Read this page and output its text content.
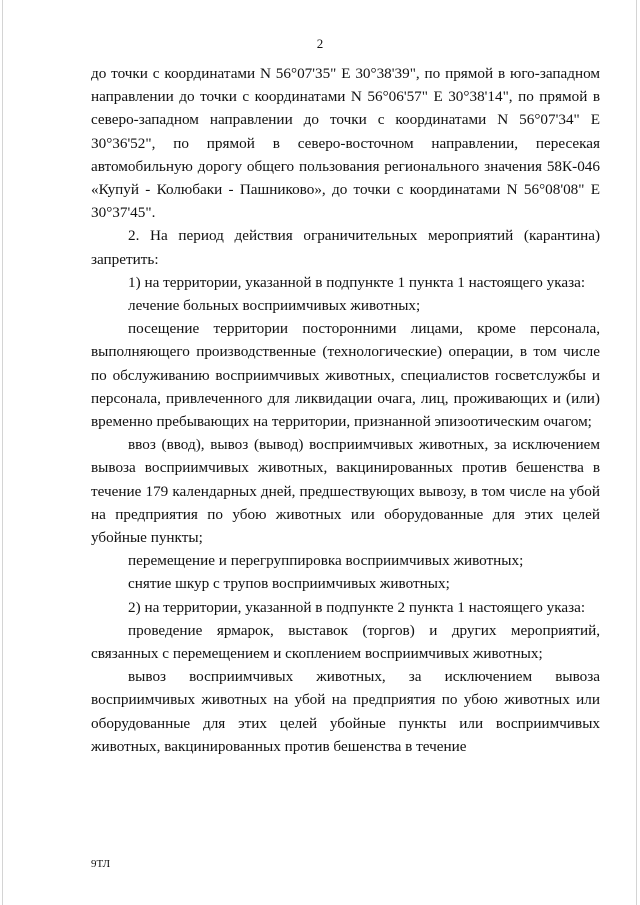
2

до точки с координатами N 56°07'35" E 30°38'39", по прямой в юго-западном направлении до точки с координатами N 56°06'57" E 30°38'14", по прямой в северо-западном направлении до точки с координатами N 56°07'34" E 30°36'52", по прямой в северо-восточном направлении, пересекая автомобильную дорогу общего пользования регионального значения 58К-046 «Купуй - Колюбаки - Пашниково», до точки с координатами N 56°08'08" E 30°37'45".

2. На период действия ограничительных мероприятий (карантина) запретить:

1) на территории, указанной в подпункте 1 пункта 1 настоящего указа:

лечение больных восприимчивых животных;

посещение территории посторонними лицами, кроме персонала, выполняющего производственные (технологические) операции, в том числе по обслуживанию восприимчивых животных, специалистов госветслужбы и персонала, привлеченного для ликвидации очага, лиц, проживающих и (или) временно пребывающих на территории, признанной эпизоотическим очагом;

ввоз (ввод), вывоз (вывод) восприимчивых животных, за исключением вывоза восприимчивых животных, вакцинированных против бешенства в течение 179 календарных дней, предшествующих вывозу, в том числе на убой на предприятия по убою животных или оборудованные для этих целей убойные пункты;

перемещение и перегруппировка восприимчивых животных;

снятие шкур с трупов восприимчивых животных;

2) на территории, указанной в подпункте 2 пункта 1 настоящего указа:

проведение ярмарок, выставок (торгов) и других мероприятий, связанных с перемещением и скоплением восприимчивых животных;

вывоз восприимчивых животных, за исключением вывоза восприимчивых животных на убой на предприятия по убою животных или оборудованные для этих целей убойные пункты или восприимчивых животных, вакцинированных против бешенства в течение

9ТЛ
